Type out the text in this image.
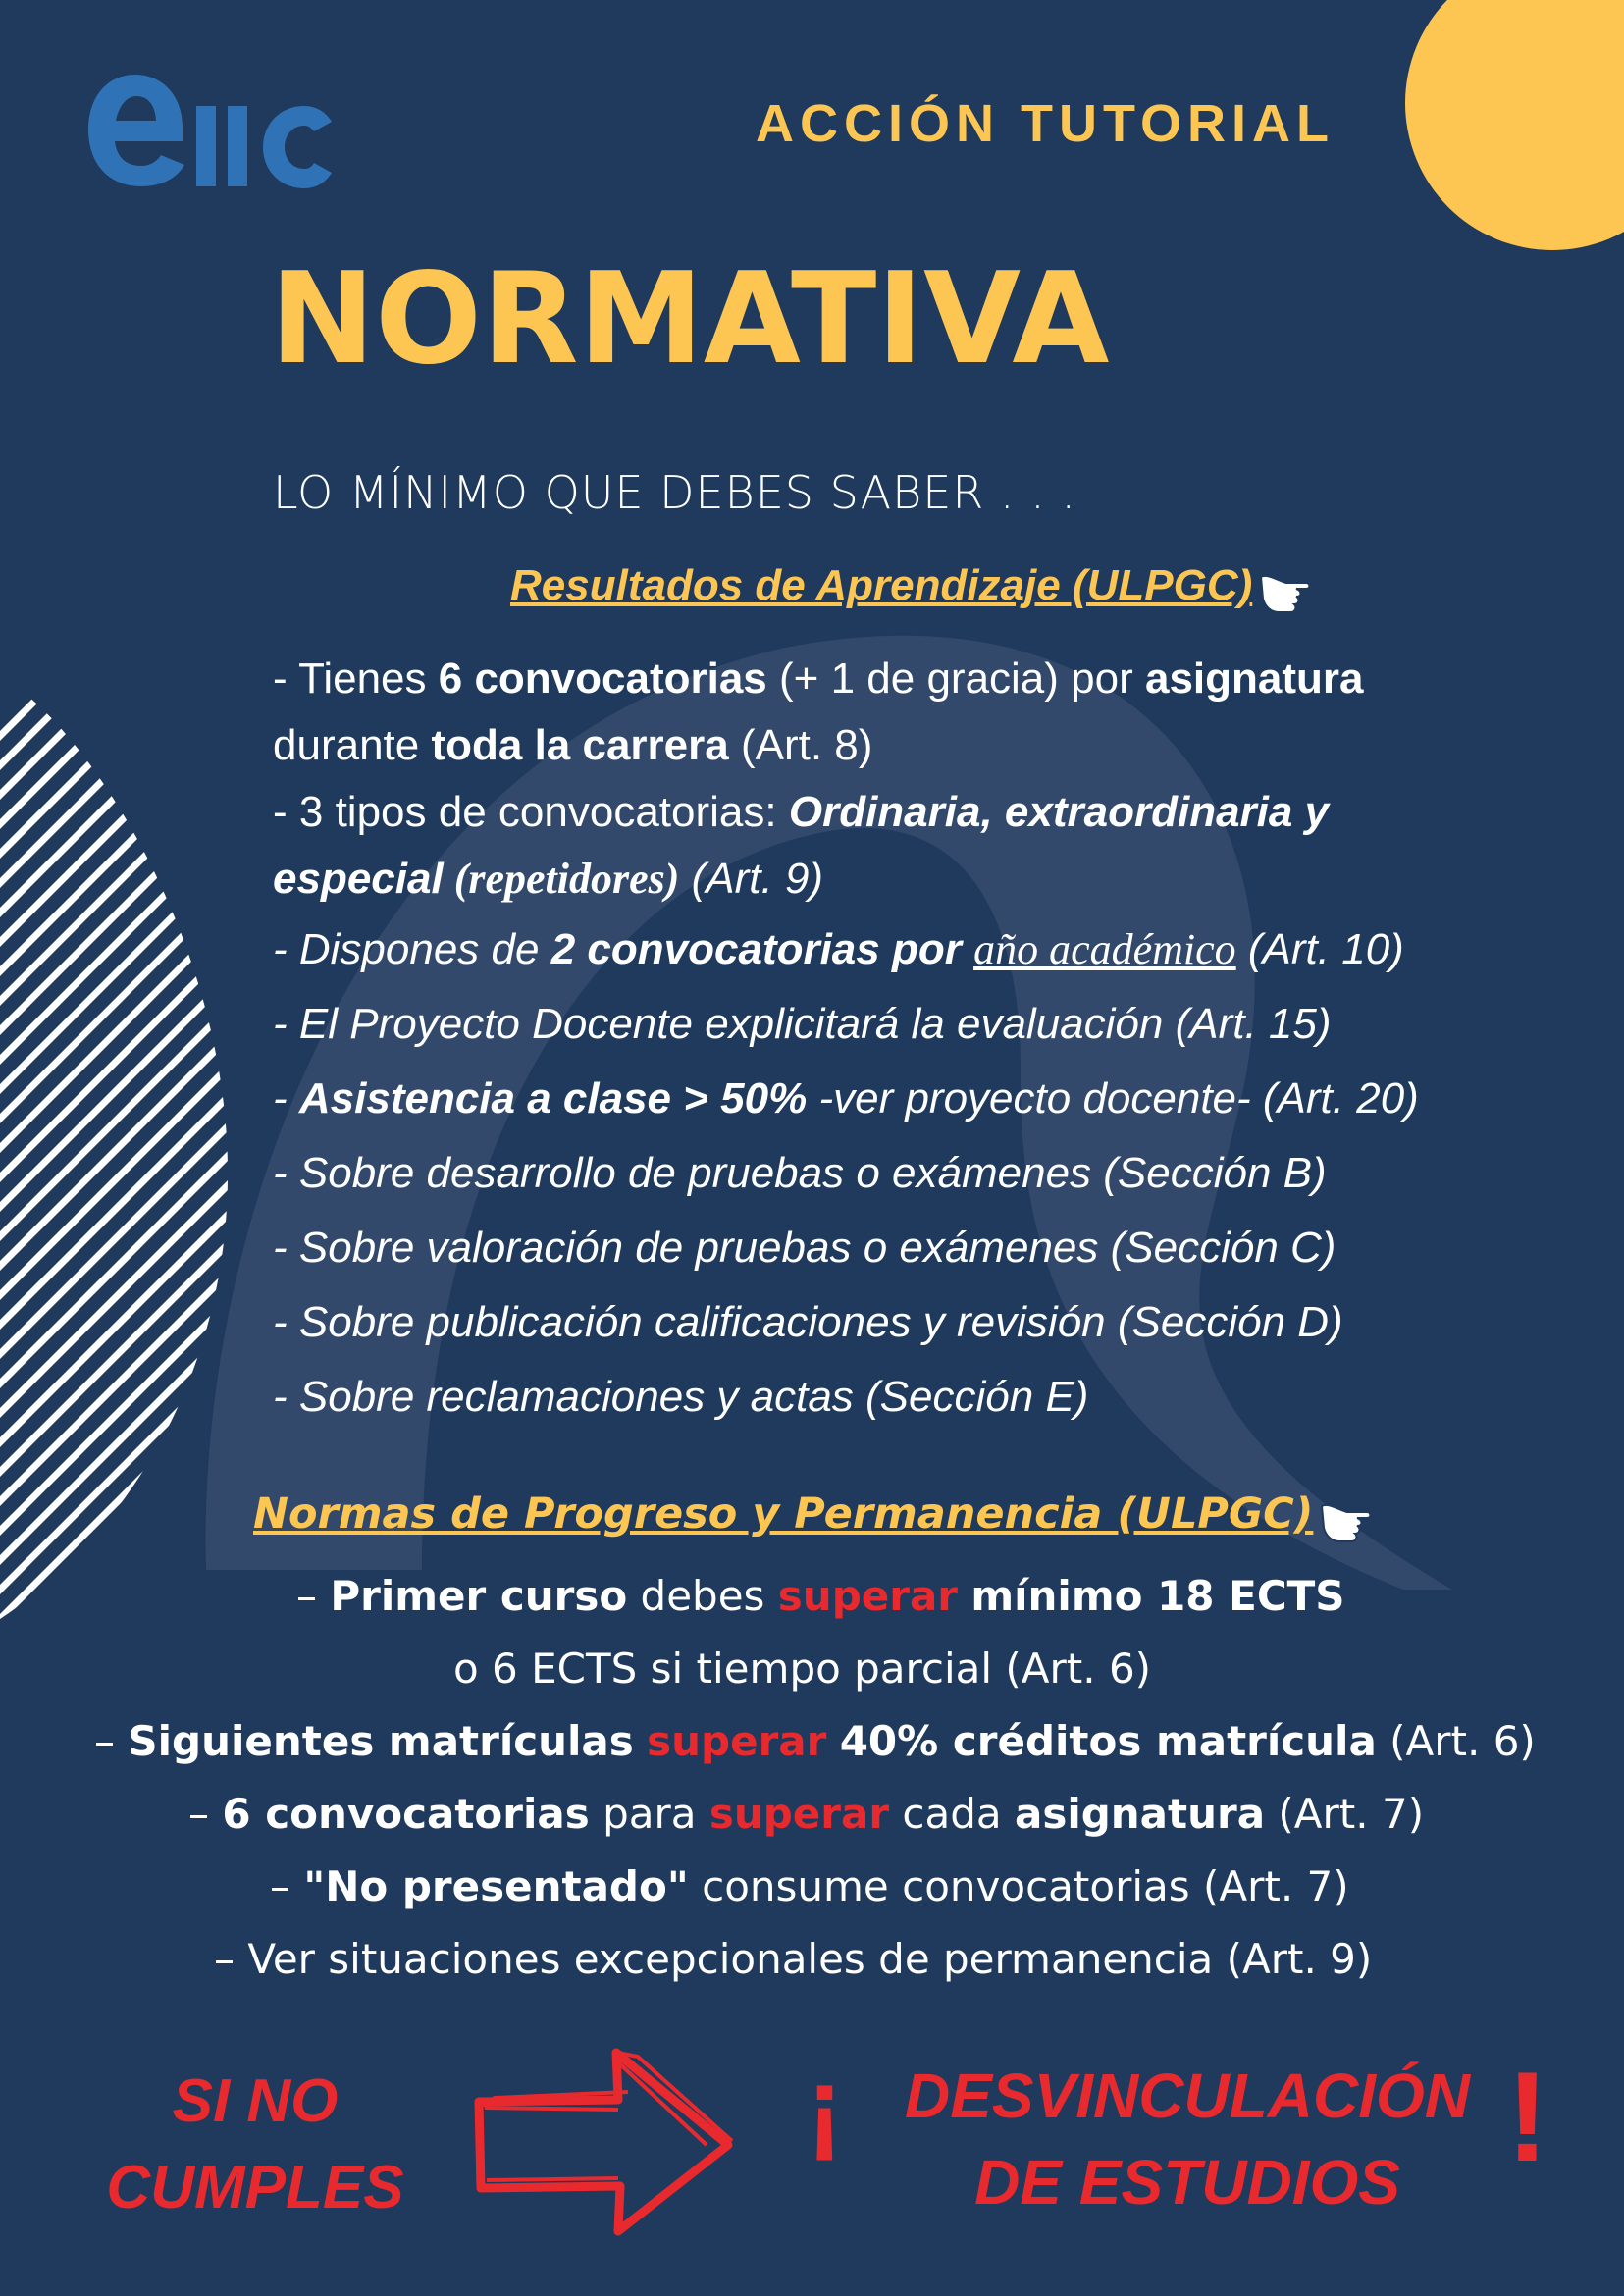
ACCIÓN TUTORIAL
NORMATIVA
LO MÍNIMO QUE DEBES SABER . . .
Resultados de Aprendizaje (ULPGC)
- Tienes 6 convocatorias (+ 1 de gracia) por asignatura
durante toda la carrera (Art. 8)
- 3 tipos de convocatorias: Ordinaria, extraordinaria y
especial (repetidores) (Art. 9)
- Dispones de 2 convocatorias por año académico (Art. 10)
- El Proyecto Docente explicitará la evaluación (Art. 15)
- Asistencia a clase > 50% -ver proyecto docente- (Art. 20)
- Sobre desarrollo de pruebas o exámenes (Sección B)
- Sobre valoración de pruebas o exámenes (Sección C)
- Sobre publicación calificaciones y revisión (Sección D)
- Sobre reclamaciones y actas (Sección E)
Normas de Progreso y Permanencia (ULPGC)
– Primer curso debes superar mínimo 18 ECTS
o 6 ECTS si tiempo parcial (Art. 6)
– Siguientes matrículas superar 40% créditos matrícula (Art. 6)
– 6 convocatorias para superar cada asignatura (Art. 7)
– "No presentado" consume convocatorias (Art. 7)
– Ver situaciones excepcionales de permanencia (Art. 9)
SI NO
CUMPLES
¡ DESVINCULACIÓN
DE ESTUDIOS !
